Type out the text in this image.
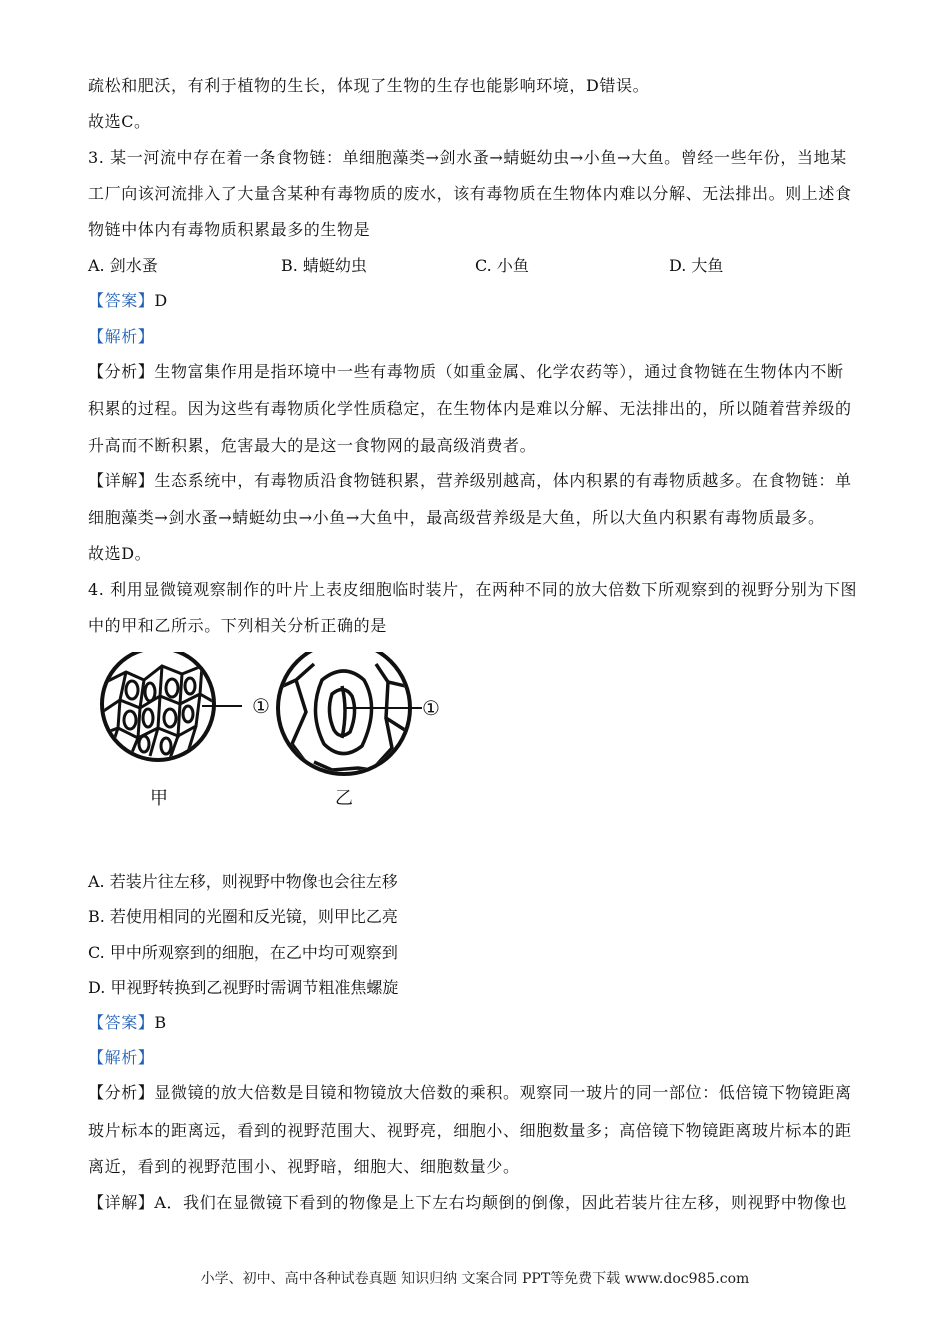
疏松和肥沃，有利于植物的生长，体现了生物的生存也能影响环境，D错误。
故选C。
3. 某一河流中存在着一条食物链：单细胞藻类→剑水蚤→蜻蜓幼虫→小鱼→大鱼。曾经一些年份，当地某
工厂向该河流排入了大量含某种有毒物质的废水，该有毒物质在生物体内难以分解、无法排出。则上述食
物链中体内有毒物质积累最多的生物是
A. 剑水蚤	B. 蜻蜓幼虫	C. 小鱼	D. 大鱼
【答案】D
【解析】
【分析】生物富集作用是指环境中一些有毒物质（如重金属、化学农药等），通过食物链在生物体内不断
积累的过程。因为这些有毒物质化学性质稳定，在生物体内是难以分解、无法排出的，所以随着营养级的
升高而不断积累，危害最大的是这一食物网的最高级消费者。
【详解】生态系统中，有毒物质沿食物链积累，营养级别越高，体内积累的有毒物质越多。在食物链：单
细胞藻类→剑水蚤→蜻蜓幼虫→小鱼→大鱼中，最高级营养级是大鱼，所以大鱼内积累有毒物质最多。
故选D。
4. 利用显微镜观察制作的叶片上表皮细胞临时装片，在两种不同的放大倍数下所观察到的视野分别为下图
中的甲和乙所示。下列相关分析正确的是
①	①
甲	乙
A. 若装片往左移，则视野中物像也会往左移
B. 若使用相同的光圈和反光镜，则甲比乙亮
C. 甲中所观察到的细胞，在乙中均可观察到
D. 甲视野转换到乙视野时需调节粗准焦螺旋
【答案】B
【解析】
【分析】显微镜的放大倍数是目镜和物镜放大倍数的乘积。观察同一玻片的同一部位：低倍镜下物镜距离
玻片标本的距离远，看到的视野范围大、视野亮，细胞小、细胞数量多；高倍镜下物镜距离玻片标本的距
离近，看到的视野范围小、视野暗，细胞大、细胞数量少。
【详解】A．我们在显微镜下看到的物像是上下左右均颠倒的倒像，因此若装片往左移，则视野中物像也
小学、初中、高中各种试卷真题 知识归纳 文案合同 PPT等免费下载 www.doc985.com
